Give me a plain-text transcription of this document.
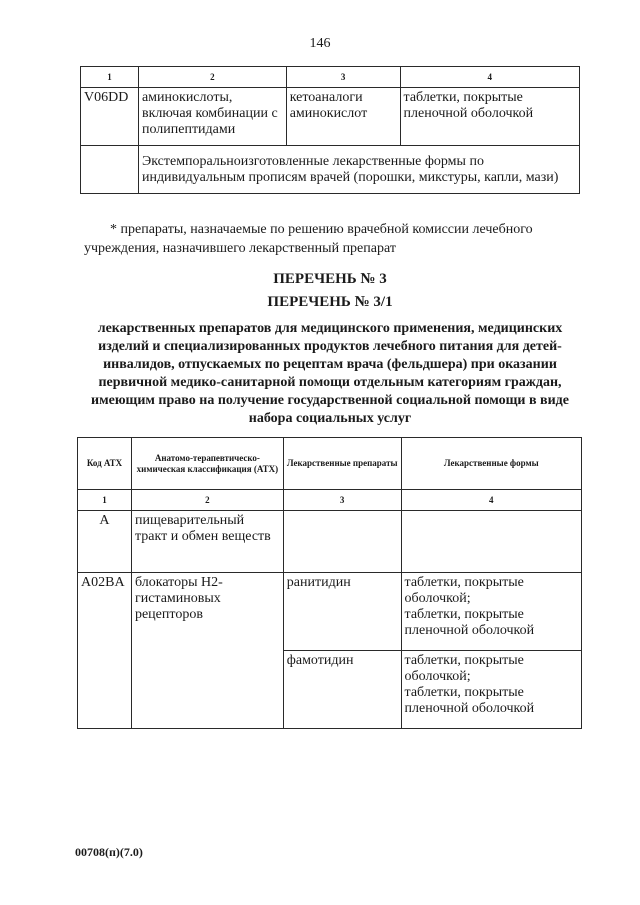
146
1	2	3	4
V06DD	аминокислоты, включая комбинации с полипептидами	кетоаналоги аминокислот	таблетки, покрытые пленочной оболочкой
	Экстемпоральноизготовленные лекарственные формы по индивидуальным прописям врачей (порошки, микстуры, капли, мази)		
* препараты, назначаемые по решению врачебной комиссии лечебного учреждения, назначившего лекарственный препарат
ПЕРЕЧЕНЬ № 3
ПЕРЕЧЕНЬ № 3/1
лекарственных препаратов для медицинского применения, медицинских изделий и специализированных продуктов лечебного питания для детей-инвалидов, отпускаемых по рецептам врача (фельдшера) при оказании первичной медико-санитарной помощи отдельным категориям граждан, имеющим право на получение государственной социальной помощи в виде набора социальных услуг
Код АТХ	Анатомо-терапевтическо-химическая классификация (АТХ)	Лекарственные препараты	Лекарственные формы
1	2	3	4
А	пищеварительный тракт и обмен веществ		
A02BA	блокаторы Н2-гистаминовых рецепторов	ранитидин	таблетки, покрытые оболочкой;
таблетки, покрытые пленочной оболочкой

		фамотидин	таблетки, покрытые оболочкой;
таблетки, покрытые пленочной оболочкой
00708(п)(7.0)
